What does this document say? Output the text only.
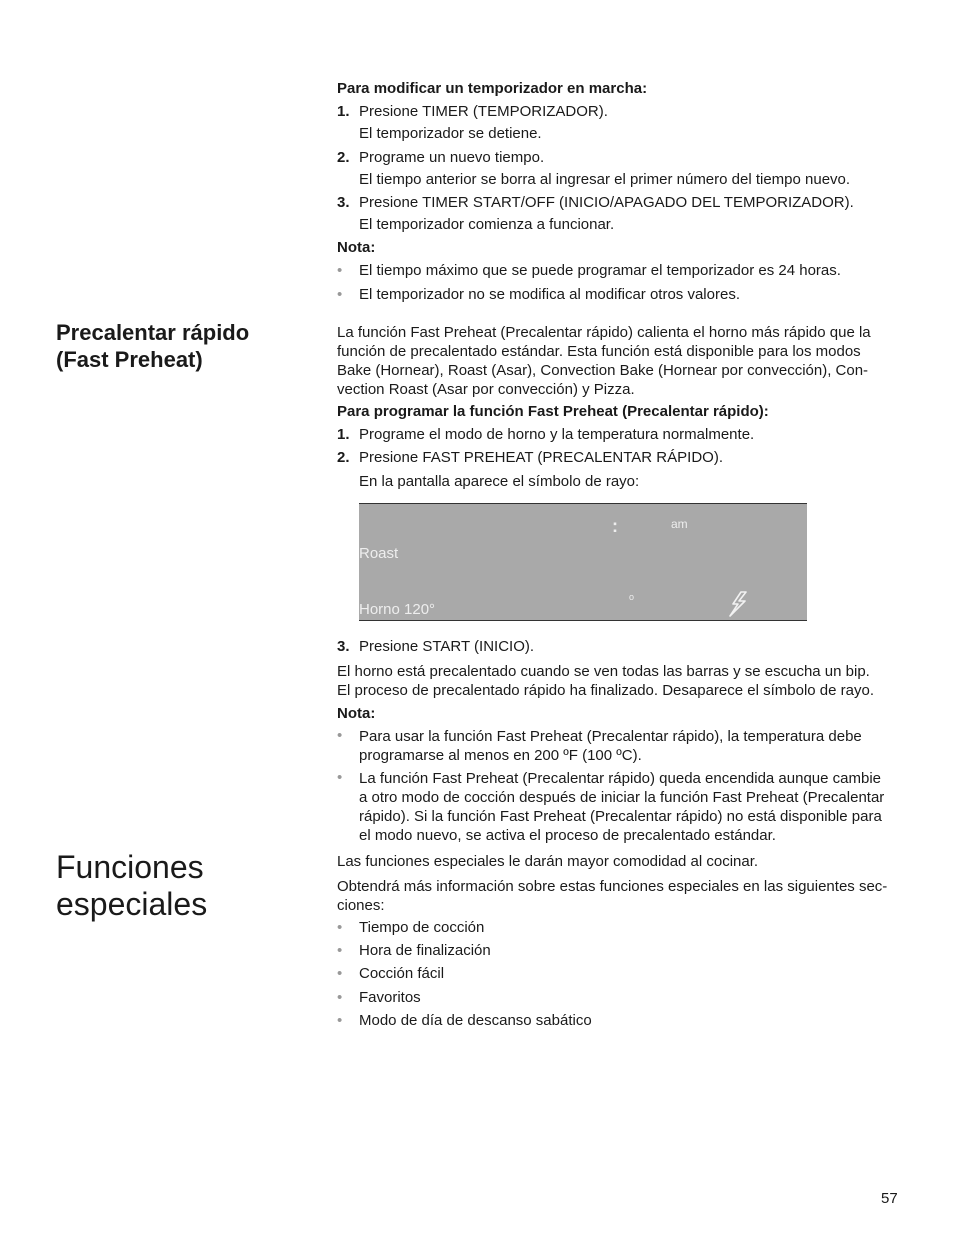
Para modificar un temporizador en marcha:
1. Presione TIMER (TEMPORIZADOR).
El temporizador se detiene.
2. Programe un nuevo tiempo.
El tiempo anterior se borra al ingresar el primer número del tiempo nuevo.
3. Presione TIMER START/OFF (INICIO/APAGADO DEL TEMPORIZADOR).
El temporizador comienza a funcionar.
Nota:
• El tiempo máximo que se puede programar el temporizador es 24 horas.
• El temporizador no se modifica al modificar otros valores.
Precalentar rápido
(Fast Preheat)
La función Fast Preheat (Precalentar rápido) calienta el horno más rápido que la
función de precalentado estándar. Esta función está disponible para los modos
Bake (Hornear), Roast (Asar), Convection Bake (Hornear por convección), Con-
vection Roast (Asar por convección) y Pizza.
Para programar la función Fast Preheat (Precalentar rápido):
1. Programe el modo de horno y la temperatura normalmente.
2. Presione FAST PREHEAT (PRECALENTAR RÁPIDO).
En la pantalla aparece el símbolo de rayo:
:	am
Roast
o
Horno 120°
3. Presione START (INICIO).
El horno está precalentado cuando se ven todas las barras y se escucha un bip.
El proceso de precalentado rápido ha finalizado. Desaparece el símbolo de rayo.
Nota:
• Para usar la función Fast Preheat (Precalentar rápido), la temperatura debe
programarse al menos en 200 ºF (100 ºC).
• La función Fast Preheat (Precalentar rápido) queda encendida aunque cambie
a otro modo de cocción después de iniciar la función Fast Preheat (Precalentar
rápido). Si la función Fast Preheat (Precalentar rápido) no está disponible para
el modo nuevo, se activa el proceso de precalentado estándar.
Funciones
especiales
Las funciones especiales le darán mayor comodidad al cocinar.
Obtendrá más información sobre estas funciones especiales en las siguientes sec-
ciones:
• Tiempo de cocción
• Hora de finalización
• Cocción fácil
• Favoritos
• Modo de día de descanso sabático
57
